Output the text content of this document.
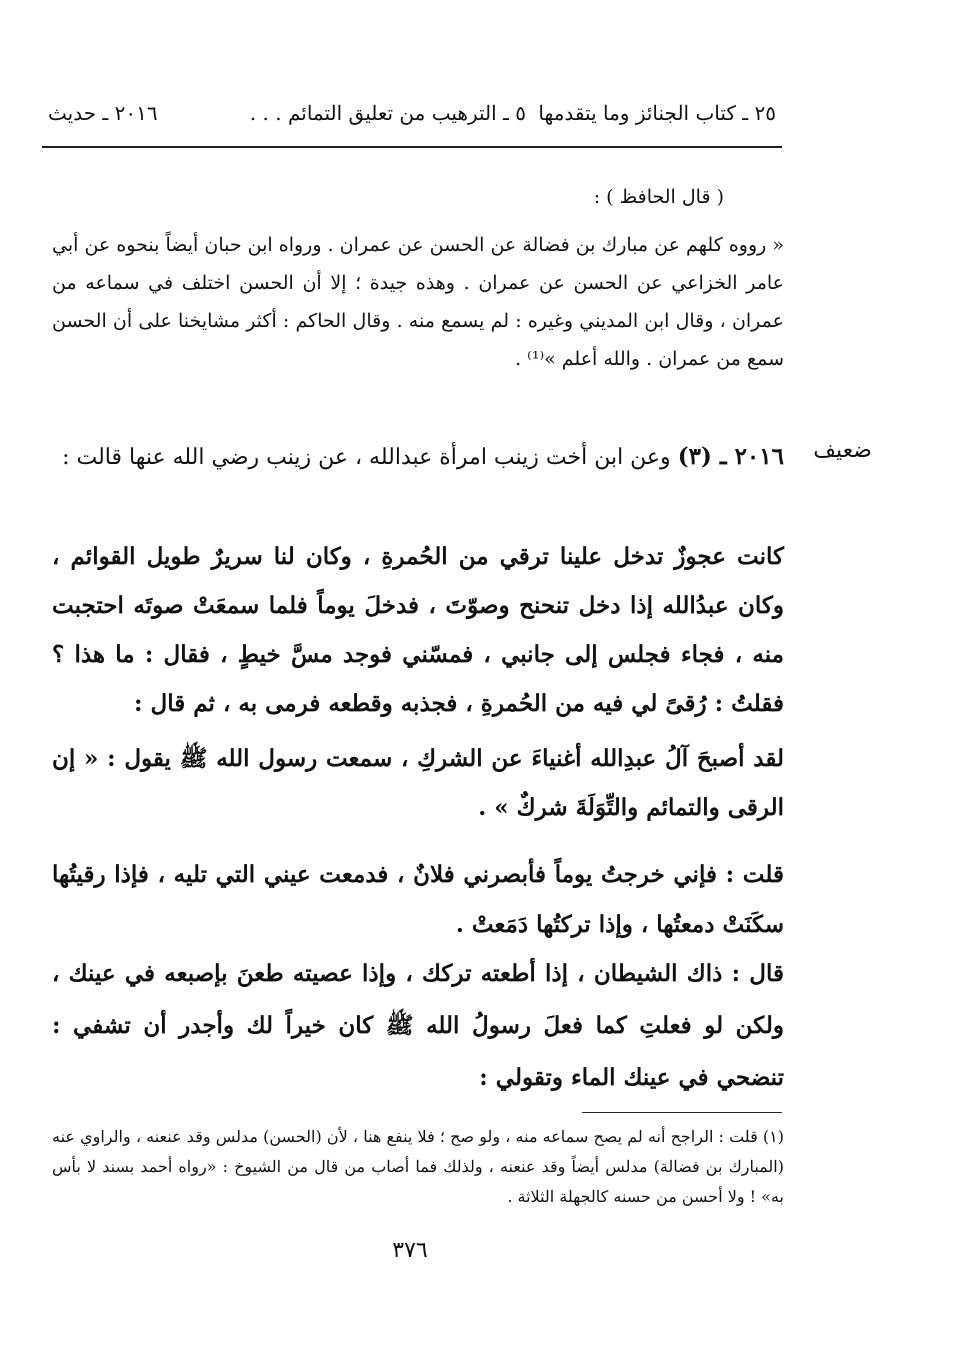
٢٥ ـ كتاب الجنائز وما يتقدمها
٥ ـ الترهيب من تعليق التمائم . . .
٢٠١٦ ـ حديث
( قال الحافظ ) :
« رووه كلهم عن مبارك بن فضالة عن الحسن عن عمران . ورواه ابن حبان أيضاً بنحوه عن أبي عامر الخزاعي عن الحسن عن عمران . وهذه جيدة ؛ إلا أن الحسن اختلف في سماعه من عمران ، وقال ابن المديني وغيره : لم يسمع منه . وقال الحاكم : أكثر مشايخنا على أن الحسن سمع من عمران . والله أعلم »⁽¹⁾ .
ضعيف
٢٠١٦ ـ (٣) وعن ابن أخت زينب امرأة عبدالله ، عن زينب رضي الله عنها قالت :
كانت عجوزٌ تدخل علينا ترقي من الحُمرةِ ، وكان لنا سريرٌ طويل القوائم ، وكان عبدُالله إذا دخل تنحنح وصوّتَ ، فدخلَ يوماً فلما سمعَتْ صوتَه احتجبت منه ، فجاء فجلس إلى جانبي ، فمسّني فوجد مسَّ خيطٍ ، فقال : ما هذا ؟ فقلتُ : رُقىً لي فيه من الحُمرةِ ، فجذبه وقطعه فرمى به ، ثم قال :
لقد أصبحَ آلُ عبدِالله أغنياءَ عن الشركِ ، سمعت رسول الله ﷺ يقول : « إن الرقى والتمائم والتِّوَلَةَ شركٌ » .
قلت : فإني خرجتُ يوماً فأبصرني فلانٌ ، فدمعت عيني التي تليه ، فإذا رقيتُها سكَنَتْ دمعتُها ، وإذا تركتُها دَمَعتْ .
قال : ذاك الشيطان ، إذا أطعته تركك ، وإذا عصيته طعنَ بإصبعه في عينك ، ولكن لو فعلتِ كما فعلَ رسولُ الله ﷺ كان خيراً لك وأجدر أن تشفي : تنضحي في عينك الماء وتقولي :
(١) قلت : الراجح أنه لم يصح سماعه منه ، ولو صح ؛ فلا ينفع هنا ، لأن (الحسن) مدلس وقد عنعنه ، والراوي عنه (المبارك بن فضالة) مدلس أيضاً وقد عنعنه ، ولذلك فما أصاب من قال من الشيوخ : «رواه أحمد بسند لا بأس به» ! ولا أحسن من حسنه كالجهلة الثلاثة .
٣٧٦
